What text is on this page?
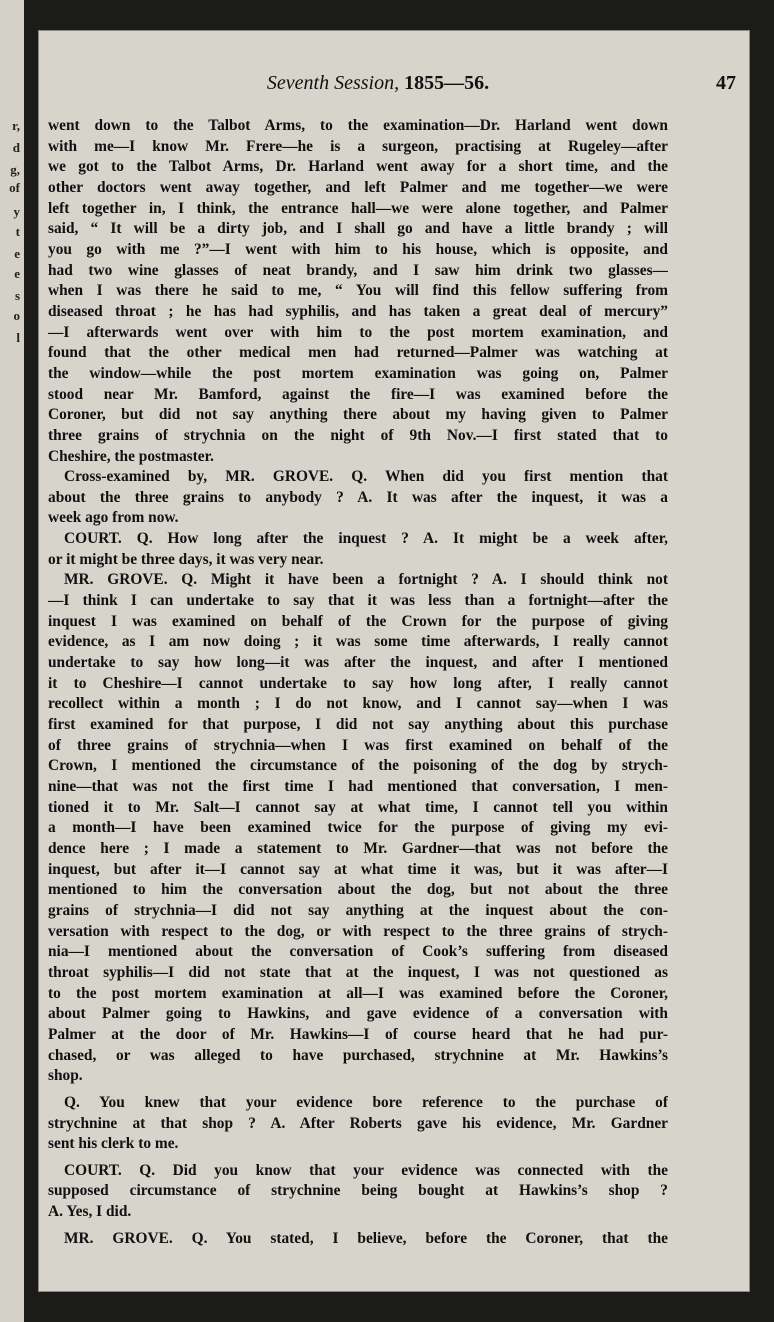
r,
d
g,
of
y
t
e
e
s
o
l
Seventh Session, 1855—56.	47
went down to the Talbot Arms, to the examination—Dr. Harland went down
with me—I know Mr. Frere—he is a surgeon, practising at Rugeley—after
we got to the Talbot Arms, Dr. Harland went away for a short time, and the
other doctors went away together, and left Palmer and me together—we were
left together in, I think, the entrance hall—we were alone together, and Palmer
said, “ It will be a dirty job, and I shall go and have a little brandy ; will
you go with me ?”—I went with him to his house, which is opposite, and
had two wine glasses of neat brandy, and I saw him drink two glasses—
when I was there he said to me, “ You will find this fellow suffering from
diseased throat ; he has had syphilis, and has taken a great deal of mercury”
—I afterwards went over with him to the post mortem examination, and
found that the other medical men had returned—Palmer was watching at
the window—while the post mortem examination was going on, Palmer
stood near Mr. Bamford, against the fire—I was examined before the
Coroner, but did not say anything there about my having given to Palmer
three grains of strychnia on the night of 9th Nov.—I first stated that to
Cheshire, the postmaster.
Cross-examined by, MR. GROVE. Q. When did you first mention that
about the three grains to anybody ? A. It was after the inquest, it was a
week ago from now.
COURT. Q. How long after the inquest ? A. It might be a week after,
or it might be three days, it was very near.
MR. GROVE. Q. Might it have been a fortnight ? A. I should think not
—I think I can undertake to say that it was less than a fortnight—after the
inquest I was examined on behalf of the Crown for the purpose of giving
evidence, as I am now doing ; it was some time afterwards, I really cannot
undertake to say how long—it was after the inquest, and after I mentioned
it to Cheshire—I cannot undertake to say how long after, I really cannot
recollect within a month ; I do not know, and I cannot say—when I was
first examined for that purpose, I did not say anything about this purchase
of three grains of strychnia—when I was first examined on behalf of the
Crown, I mentioned the circumstance of the poisoning of the dog by strych-
nine—that was not the first time I had mentioned that conversation, I men-
tioned it to Mr. Salt—I cannot say at what time, I cannot tell you within
a month—I have been examined twice for the purpose of giving my evi-
dence here ; I made a statement to Mr. Gardner—that was not before the
inquest, but after it—I cannot say at what time it was, but it was after—I
mentioned to him the conversation about the dog, but not about the three
grains of strychnia—I did not say anything at the inquest about the con-
versation with respect to the dog, or with respect to the three grains of strych-
nia—I mentioned about the conversation of Cook’s suffering from diseased
throat syphilis—I did not state that at the inquest, I was not questioned as
to the post mortem examination at all—I was examined before the Coroner,
about Palmer going to Hawkins, and gave evidence of a conversation with
Palmer at the door of Mr. Hawkins—I of course heard that he had pur-
chased, or was alleged to have purchased, strychnine at Mr. Hawkins’s
shop.
Q. You knew that your evidence bore reference to the purchase of
strychnine at that shop ? A. After Roberts gave his evidence, Mr. Gardner
sent his clerk to me.
COURT. Q. Did you know that your evidence was connected with the
supposed circumstance of strychnine being bought at Hawkins’s shop ?
A. Yes, I did.
MR. GROVE. Q. You stated, I believe, before the Coroner, that the
